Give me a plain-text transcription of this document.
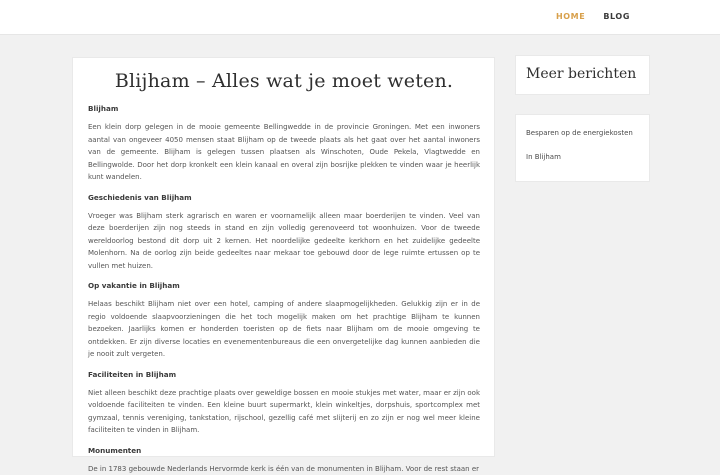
HOME BLOG
Blijham – Alles wat je moet weten.
Blijham

Een klein dorp gelegen in de mooie gemeente Bellingwedde in de provincie Groningen. Met een inwoners aantal van ongeveer 4050 mensen staat Blijham op de tweede plaats als het gaat over het aantal inwoners van de gemeente. Blijham is gelegen tussen plaatsen als Winschoten, Oude Pekela, Vlagtwedde en Bellingwolde. Door het dorp kronkelt een klein kanaal en overal zijn bosrijke plekken te vinden waar je heerlijk kunt wandelen.

Geschiedenis van Blijham

Vroeger was Blijham sterk agrarisch en waren er voornamelijk alleen maar boerderijen te vinden. Veel van deze boerderijen zijn nog steeds in stand en zijn volledig gerenoveerd tot woonhuizen. Voor de tweede wereldoorlog bestond dit dorp uit 2 kernen. Het noordelijke gedeelte kerkhorn en het zuidelijke gedeelte Molenhorn. Na de oorlog zijn beide gedeeltes naar mekaar toe gebouwd door de lege ruimte ertussen op te vullen met huizen.

Op vakantie in Blijham

Helaas beschikt Blijham niet over een hotel, camping of andere slaapmogelijkheden. Gelukkig zijn er in de regio voldoende slaapvoorzieningen die het toch mogelijk maken om het prachtige Blijham te kunnen bezoeken. Jaarlijks komen er honderden toeristen op de fiets naar Blijham om de mooie omgeving te ontdekken. Er zijn diverse locaties en evenementenbureaus die een onvergetelijke dag kunnen aanbieden die je nooit zult vergeten.

Faciliteiten in Blijham

Niet alleen beschikt deze prachtige plaats over geweldige bossen en mooie stukjes met water, maar er zijn ook voldoende faciliteiten te vinden. Een kleine buurt supermarkt, klein winkeltjes, dorpshuis, sportcomplex met gymzaal, tennis vereniging, tankstation, rijschool, gezellig café met slijterij en zo zijn er nog wel meer kleine faciliteiten te vinden in Blijham.

Monumenten

De in 1783 gebouwde Nederlands Hervormde kerk is één van de monumenten in Blijham. Voor de rest staan er

Meer berichten
Besparen op de energiekosten
In Blijham
